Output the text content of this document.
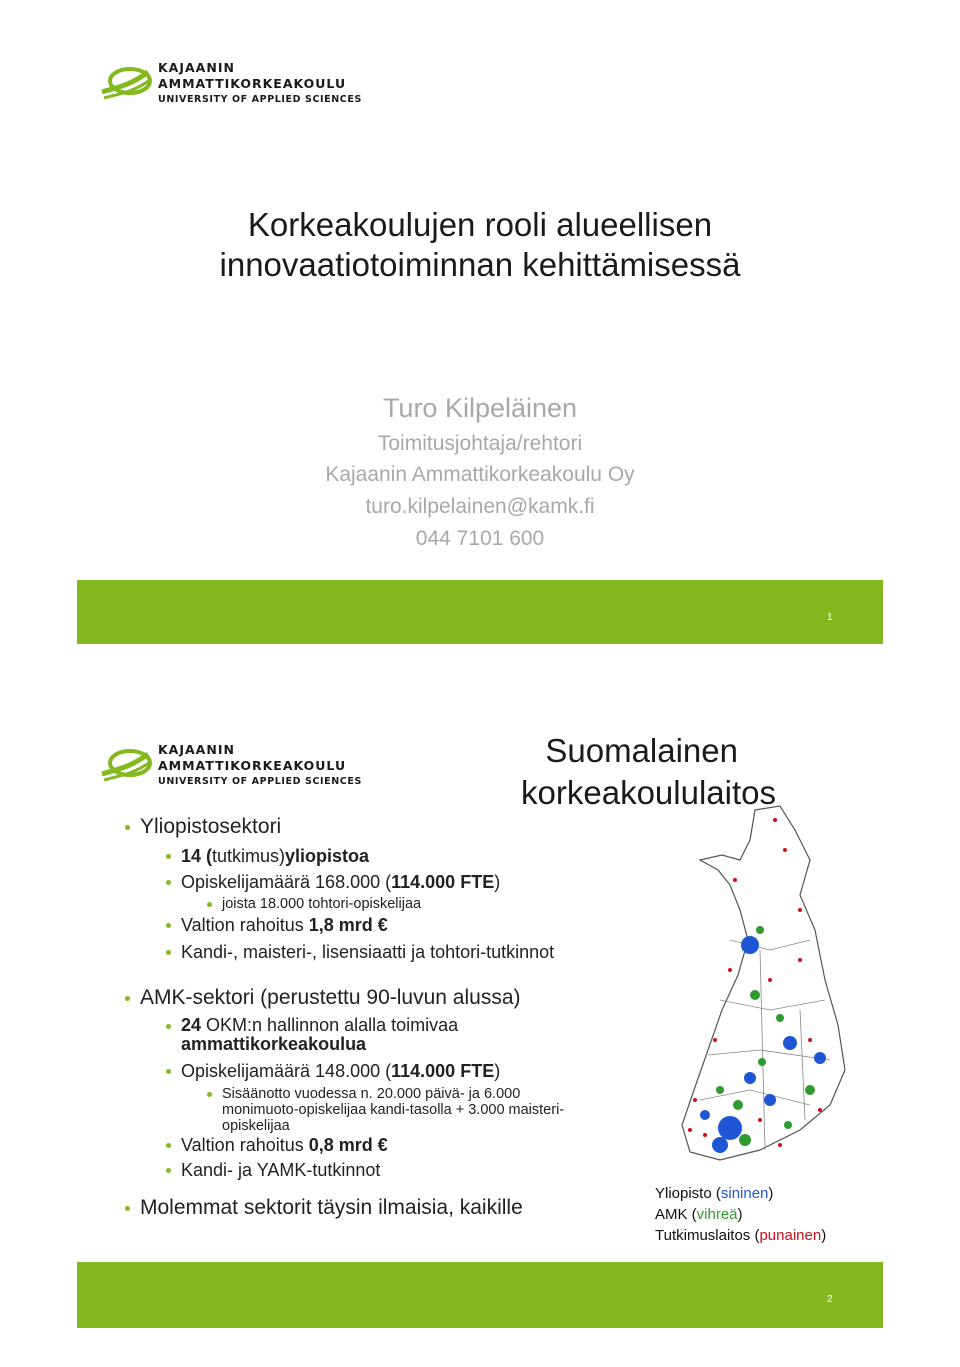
KAJAANIN
AMMATTIKORKEAKOULU
UNIVERSITY OF APPLIED SCIENCES
Korkeakoulujen rooli alueellisen
innovaatiotoiminnan kehittämisessä
Turo Kilpeläinen
Toimitusjohtaja/rehtori
Kajaanin Ammattikorkeakoulu Oy
turo.kilpelainen@kamk.fi
044 7101 600
1
KAJAANIN
AMMATTIKORKEAKOULU
UNIVERSITY OF APPLIED SCIENCES
Suomalainen
korkeakoululaitos
Yliopistosektori
14 (tutkimus)yliopistoa
Opiskelijamäärä 168.000 (114.000 FTE)
joista 18.000 tohtori-opiskelijaa
Valtion rahoitus 1,8 mrd €
Kandi-, maisteri-, lisensiaatti ja tohtori-tutkinnot
AMK-sektori (perustettu 90-luvun alussa)
24 OKM:n hallinnon alalla toimivaa ammattikorkeakoulua
Opiskelijamäärä 148.000 (114.000 FTE)
Sisäänotto vuodessa n. 20.000 päivä- ja 6.000 monimuoto-opiskelijaa kandi-tasolla + 3.000 maisteri-opiskelijaa
Valtion rahoitus 0,8 mrd €
Kandi- ja YAMK-tutkinnot
Molemmat sektorit täysin ilmaisia, kaikille
Yliopisto (sininen)
AMK (vihreä)
Tutkimuslaitos (punainen)
2
